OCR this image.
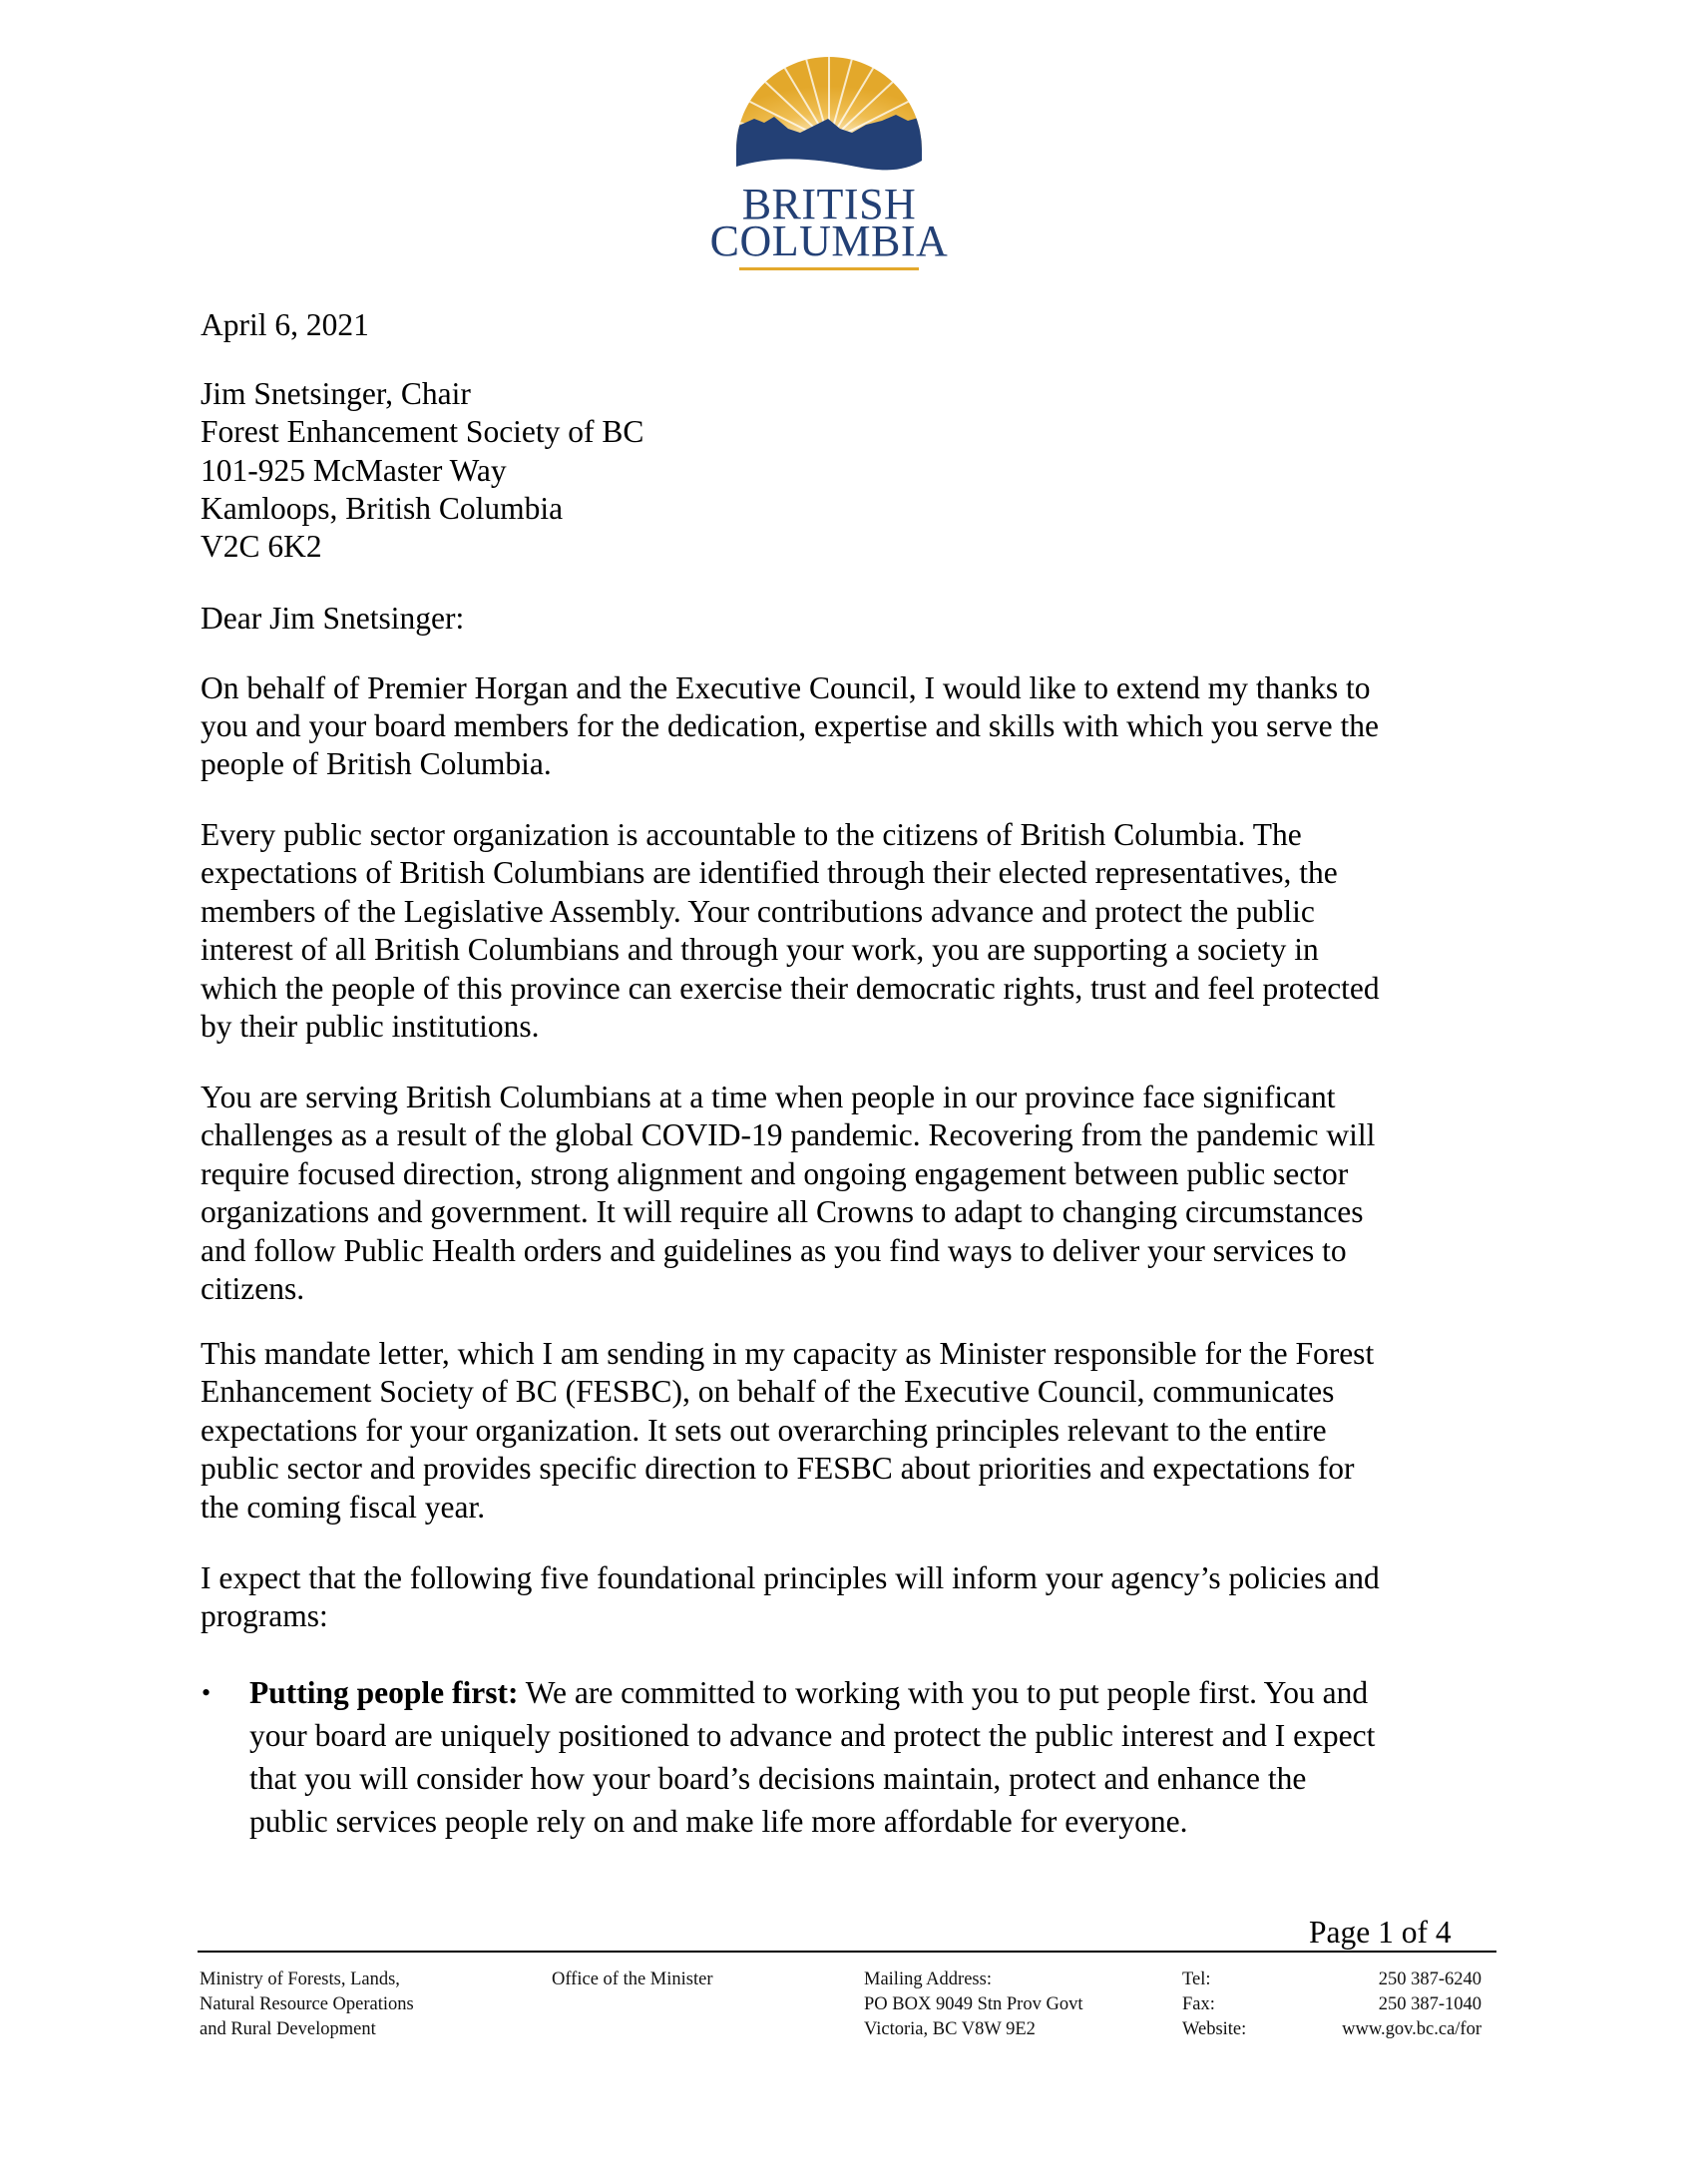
BRITISH
COLUMBIA
April 6, 2021
Jim Snetsinger, Chair
Forest Enhancement Society of BC
101-925 McMaster Way
Kamloops, British Columbia
V2C 6K2
Dear Jim Snetsinger:
On behalf of Premier Horgan and the Executive Council, I would like to extend my thanks to
you and your board members for the dedication, expertise and skills with which you serve the
people of British Columbia.
Every public sector organization is accountable to the citizens of British Columbia. The
expectations of British Columbians are identified through their elected representatives, the
members of the Legislative Assembly. Your contributions advance and protect the public
interest of all British Columbians and through your work, you are supporting a society in
which the people of this province can exercise their democratic rights, trust and feel protected
by their public institutions.
You are serving British Columbians at a time when people in our province face significant
challenges as a result of the global COVID-19 pandemic. Recovering from the pandemic will
require focused direction, strong alignment and ongoing engagement between public sector
organizations and government. It will require all Crowns to adapt to changing circumstances
and follow Public Health orders and guidelines as you find ways to deliver your services to
citizens.
This mandate letter, which I am sending in my capacity as Minister responsible for the Forest
Enhancement Society of BC (FESBC), on behalf of the Executive Council, communicates
expectations for your organization. It sets out overarching principles relevant to the entire
public sector and provides specific direction to FESBC about priorities and expectations for
the coming fiscal year.
I expect that the following five foundational principles will inform your agency’s policies and
programs:
• Putting people first: We are committed to working with you to put people first. You and
your board are uniquely positioned to advance and protect the public interest and I expect
that you will consider how your board’s decisions maintain, protect and enhance the
public services people rely on and make life more affordable for everyone.
Page 1 of 4
Ministry of Forests, Lands,
Natural Resource Operations
and Rural Development
Office of the Minister	Mailing Address:
PO BOX 9049 Stn Prov Govt
Victoria, BC V8W 9E2
Tel:
Fax:
Website:
250 387-6240
250 387-1040
www.gov.bc.ca/for
